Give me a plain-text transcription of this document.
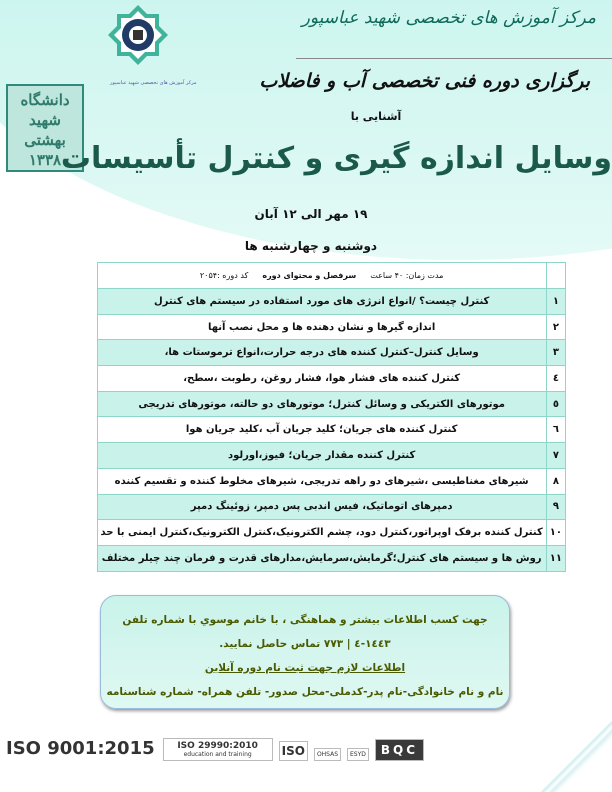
مرکز آموزش های تخصصی شهید عباسپور
برگزاری دوره فنی تخصصی آب و فاضلاب
مرکز آموزش های تخصصی شهید عباسپور
دانشگاه شهید بهشتی ۱۳۳۸
آشنایی با
وسایل اندازه گیری و کنترل تأسیسات
۱۹ مهر الی ۱۲ آبان
دوشنبه و چهارشنبه ها

	مدت زمان: ۴۰ ساعت
سرفصل و محتوای دوره
کد دوره :۲۰۵۴

۱	کنترل چیست؟ /انواع انرژی های مورد استفاده در سیستم های کنترل
۲	اندازه گیرها و نشان دهنده ها و محل نصب آنها
۳	وسایل کنترل–کنترل کننده های درجه حرارت،انواع ترموستات ها،
٤	کنترل کننده های فشار هوا، فشار روغن، رطوبت ،سطح،
٥	موتورهای الکتریکی و وسائل کنترل؛ موتورهای دو حالته، موتورهای تدریجی
٦	کنترل کننده های جریان؛ کلید جریان آب ،کلید جریان هوا
۷	کنترل کننده مقدار جریان؛ فیوز،اورلود
۸	شیرهای مغناطیسی ،شیرهای دو راهه تدریجی، شیرهای مخلوط کننده و تقسیم کننده
۹	دمپرهای اتوماتیک، فیس اندبی پس دمپر، زوئینگ دمپر
۱۰	کنترل کننده برفک اوپراتور،کنترل دود، چشم الکترونیک،کنترل الکترونیک،کنترل ایمنی با حد
۱۱	روش ها و سیستم های کنترل؛گرمایش،سرمایش،مدارهای قدرت و فرمان چند چیلر مختلف
جهت کسب اطلاعات بیشتر و هماهنگی ، با خانم موسوي با شماره تلفن
۱٤٤۳-٤ | ۷۷۳ تماس حاصل نمایید.
اطلاعات لازم جهت ثبت نام دوره آنلاین
نام و نام خانوادگی-نام پدر-کدملی-محل صدور- تلفن همراه- شماره شناسنامه
ISO 9001:2015	ISO 29990:2010
education and training	ISO	OHSAS	ESYD	BQC
